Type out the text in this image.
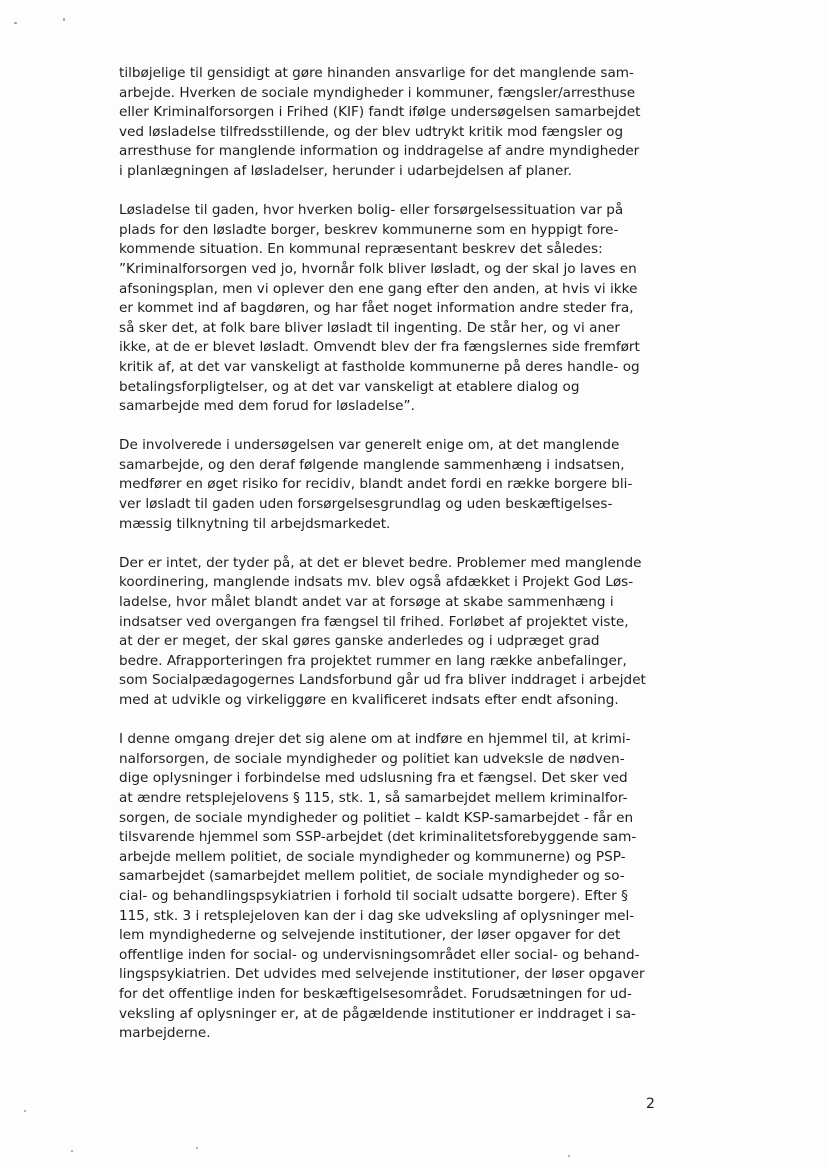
tilbøjelige til gensidigt at gøre hinanden ansvarlige for det manglende sam-
arbejde. Hverken de sociale myndigheder i kommuner, fængsler/arresthuse
eller Kriminalforsorgen i Frihed (KIF) fandt ifølge undersøgelsen samarbejdet
ved løsladelse tilfredsstillende, og der blev udtrykt kritik mod fængsler og
arresthuse for manglende information og inddragelse af andre myndigheder
i planlægningen af løsladelser, herunder i udarbejdelsen af planer.
Løsladelse til gaden, hvor hverken bolig- eller forsørgelsessituation var på
plads for den løsladte borger, beskrev kommunerne som en hyppigt fore-
kommende situation. En kommunal repræsentant beskrev det således:
”Kriminalforsorgen ved jo, hvornår folk bliver løsladt, og der skal jo laves en
afsoningsplan, men vi oplever den ene gang efter den anden, at hvis vi ikke
er kommet ind af bagdøren, og har fået noget information andre steder fra,
så sker det, at folk bare bliver løsladt til ingenting. De står her, og vi aner
ikke, at de er blevet løsladt. Omvendt blev der fra fængslernes side fremført
kritik af, at det var vanskeligt at fastholde kommunerne på deres handle- og
betalingsforpligtelser, og at det var vanskeligt at etablere dialog og
samarbejde med dem forud for løsladelse”.
De involverede i undersøgelsen var generelt enige om, at det manglende
samarbejde, og den deraf følgende manglende sammenhæng i indsatsen,
medfører en øget risiko for recidiv, blandt andet fordi en række borgere bli-
ver løsladt til gaden uden forsørgelsesgrundlag og uden beskæftigelses-
mæssig tilknytning til arbejdsmarkedet.
Der er intet, der tyder på, at det er blevet bedre. Problemer med manglende
koordinering, manglende indsats mv. blev også afdækket i Projekt God Løs-
ladelse, hvor målet blandt andet var at forsøge at skabe sammenhæng i
indsatser ved overgangen fra fængsel til frihed. Forløbet af projektet viste,
at der er meget, der skal gøres ganske anderledes og i udpræget grad
bedre. Afrapporteringen fra projektet rummer en lang række anbefalinger,
som Socialpædagogernes Landsforbund går ud fra bliver inddraget i arbejdet
med at udvikle og virkeliggøre en kvalificeret indsats efter endt afsoning.
I denne omgang drejer det sig alene om at indføre en hjemmel til, at krimi-
nalforsorgen, de sociale myndigheder og politiet kan udveksle de nødven-
dige oplysninger i forbindelse med udslusning fra et fængsel. Det sker ved
at ændre retsplejelovens § 115, stk. 1, så samarbejdet mellem kriminalfor-
sorgen, de sociale myndigheder og politiet – kaldt KSP-samarbejdet - får en
tilsvarende hjemmel som SSP-arbejdet (det kriminalitetsforebyggende sam-
arbejde mellem politiet, de sociale myndigheder og kommunerne) og PSP-
samarbejdet (samarbejdet mellem politiet, de sociale myndigheder og so-
cial- og behandlingspsykiatrien i forhold til socialt udsatte borgere). Efter §
115, stk. 3 i retsplejeloven kan der i dag ske udveksling af oplysninger mel-
lem myndighederne og selvejende institutioner, der løser opgaver for det
offentlige inden for social- og undervisningsområdet eller social- og behand-
lingspsykiatrien. Det udvides med selvejende institutioner, der løser opgaver
for det offentlige inden for beskæftigelsesområdet. Forudsætningen for ud-
veksling af oplysninger er, at de pågældende institutioner er inddraget i sa-
marbejderne.
2
